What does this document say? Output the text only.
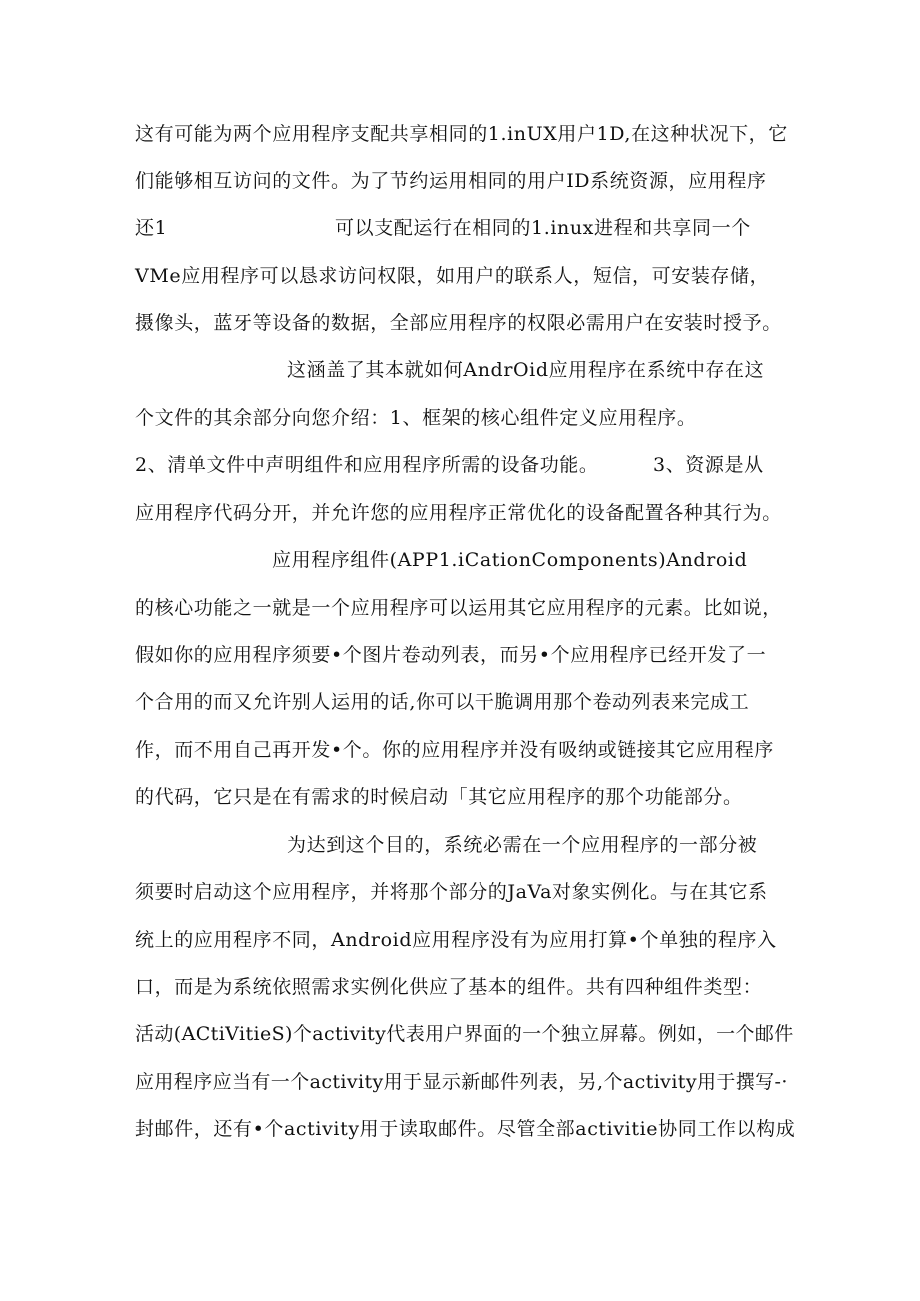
这有可能为两个应用程序支配共享相同的1.inUX用户1D,在这种状况下，它
们能够相互访问的文件。为了节约运用相同的用户ID系统资源，应用程序
还1	可以支配运行在相同的1.inux进程和共享同一个
VMe应用程序可以恳求访问权限，如用户的联系人，短信，可安装存储，
摄像头，蓝牙等设备的数据，全部应用程序的权限必需用户在安装时授予。
这涵盖了其本就如何AndrOid应用程序在系统中存在这
个文件的其余部分向您介绍：1、框架的核心组件定义应用程序。
2、清单文件中声明组件和应用程序所需的设备功能。	3、资源是从
应用程序代码分开，并允许您的应用程序正常优化的设备配置各种其行为。
应用程序组件(APP1.iCationComponents)Android
的核心功能之一就是一个应用程序可以运用其它应用程序的元素。比如说，
假如你的应用程序须要•个图片卷动列表，而另•个应用程序已经开发了一
个合用的而又允许别人运用的话,你可以干脆调用那个卷动列表来完成工
作，而不用自己再开发•个。你的应用程序并没有吸纳或链接其它应用程序
的代码，它只是在有需求的时候启动「其它应用程序的那个功能部分。
为达到这个目的，系统必需在一个应用程序的一部分被
须要时启动这个应用程序，并将那个部分的JaVa对象实例化。与在其它系
统上的应用程序不同，Android应用程序没有为应用打算•个单独的程序入
口，而是为系统依照需求实例化供应了基本的组件。共有四种组件类型：
活动(ACtiVitieS)个activity代表用户界面的一个独立屏幕。例如，一个邮件
应用程序应当有一个activity用于显示新邮件列表，另,个activity用于撰写-·
封邮件，还有•个activity用于读取邮件。尽管全部activitie协同工作以构成
